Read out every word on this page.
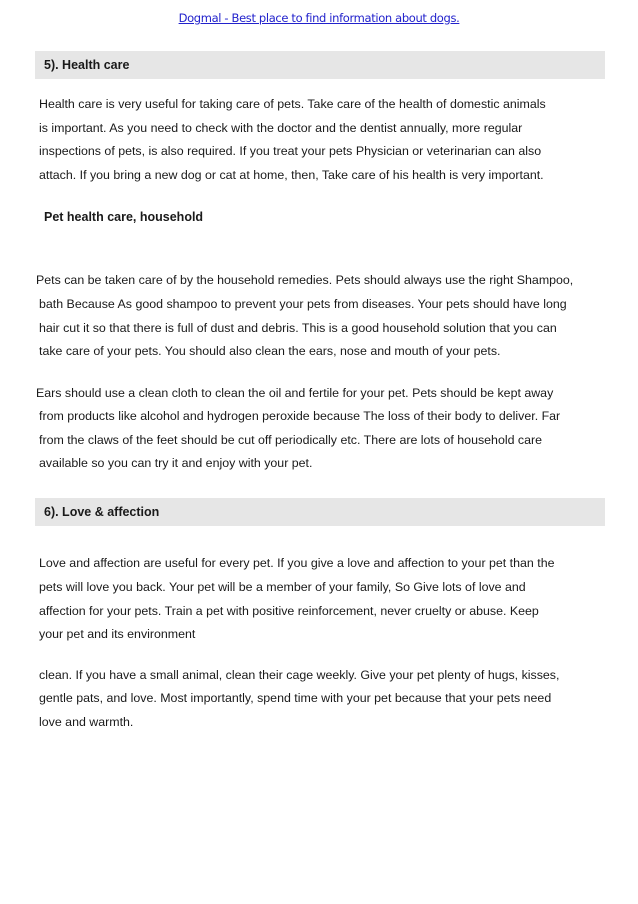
Dogmal - Best place to find information about dogs.
5). Health care
Health care is very useful for taking care of pets. Take care of the health of domestic animals
is important. As you need to check with the doctor and the dentist annually, more regular
inspections of pets, is also required. If you treat your pets Physician or veterinarian can also
attach. If you bring a new dog or cat at home, then, Take care of his health is very important.
Pet health care, household
Pets can be taken care of by the household remedies. Pets should always use the right Shampoo,
bath Because As good shampoo to prevent your pets from diseases. Your pets should have long
hair cut it so that there is full of dust and debris. This is a good household solution that you can
take care of your pets. You should also clean the ears, nose and mouth of your pets.
Ears should use a clean cloth to clean the oil and fertile for your pet. Pets should be kept away
from products like alcohol and hydrogen peroxide because The loss of their body to deliver. Far
from the claws of the feet should be cut off periodically etc. There are lots of household care
available so you can try it and enjoy with your pet.
6). Love & affection
Love and affection are useful for every pet. If you give a love and affection to your pet than the
pets will love you back. Your pet will be a member of your family, So Give lots of love and
affection for your pets. Train a pet with positive reinforcement, never cruelty or abuse. Keep
your pet and its environment
clean. If you have a small animal, clean their cage weekly. Give your pet plenty of hugs, kisses,
gentle pats, and love. Most importantly, spend time with your pet because that your pets need
love and warmth.
